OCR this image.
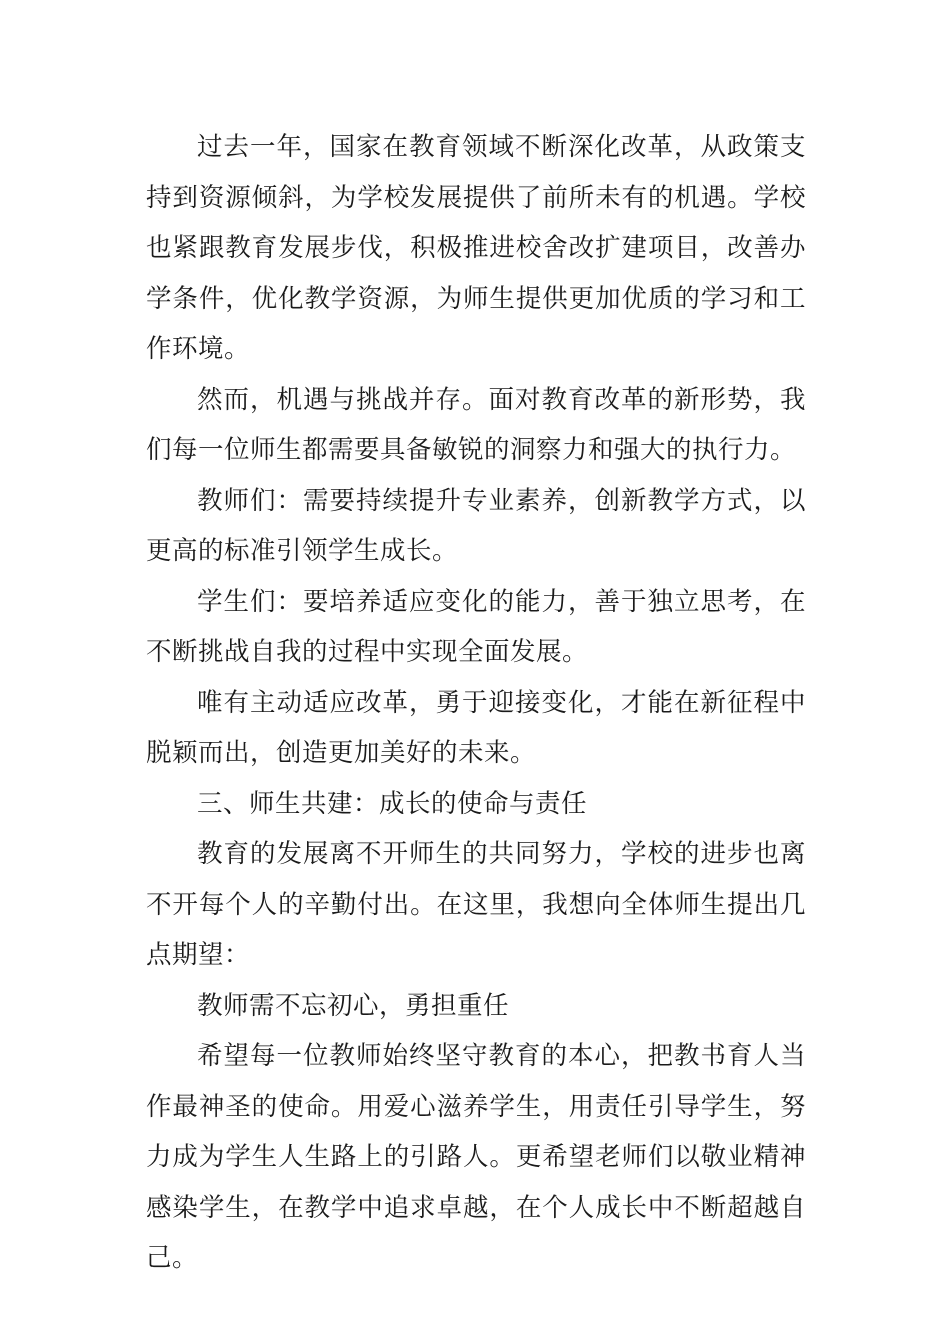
过去一年，国家在教育领域不断深化改革，从政策支持到资源倾斜，为学校发展提供了前所未有的机遇。学校也紧跟教育发展步伐，积极推进校舍改扩建项目，改善办学条件，优化教学资源，为师生提供更加优质的学习和工作环境。

然而，机遇与挑战并存。面对教育改革的新形势，我们每一位师生都需要具备敏锐的洞察力和强大的执行力。

教师们：需要持续提升专业素养，创新教学方式，以更高的标准引领学生成长。

学生们：要培养适应变化的能力，善于独立思考，在不断挑战自我的过程中实现全面发展。

唯有主动适应改革，勇于迎接变化，才能在新征程中脱颖而出，创造更加美好的未来。

三、师生共建：成长的使命与责任

教育的发展离不开师生的共同努力，学校的进步也离不开每个人的辛勤付出。在这里，我想向全体师生提出几点期望：

教师需不忘初心，勇担重任

希望每一位教师始终坚守教育的本心，把教书育人当作最神圣的使命。用爱心滋养学生，用责任引导学生，努力成为学生人生路上的引路人。更希望老师们以敬业精神感染学生，在教学中追求卓越，在个人成长中不断超越自己。
